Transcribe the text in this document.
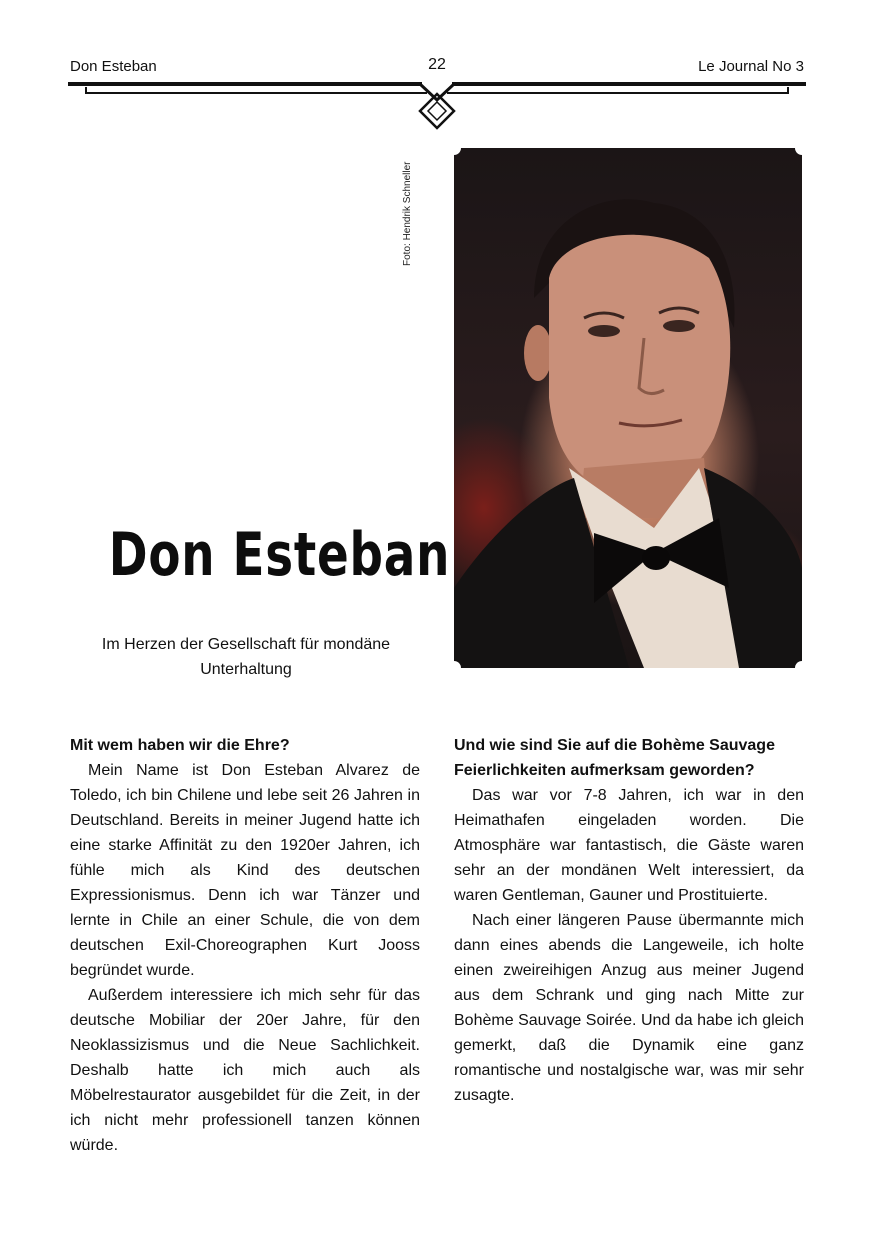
Don Esteban	22	Le Journal No 3
Foto: Hendrik Schneller
Don Esteban
Im Herzen der Gesellschaft für mondäne Unterhaltung

Mit wem haben wir die Ehre?

Mein Name ist Don Esteban Alvarez de Toledo, ich bin Chilene und lebe seit 26 Jahren in Deutschland. Bereits in meiner Jugend hatte ich eine starke Affinität zu den 1920er Jahren, ich fühle mich als Kind des deutschen Expressionismus. Denn ich war Tänzer und lernte in Chile an einer Schule, die von dem deutschen Exil-Choreographen Kurt Jooss begründet wurde.

Außerdem interessiere ich mich sehr für das deutsche Mobiliar der 20er Jahre, für den Neoklassizismus und die Neue Sachlichkeit. Deshalb hatte ich mich auch als Möbelrestaurator ausgebildet für die Zeit, in der ich nicht mehr professionell tanzen können würde.

Und wie sind Sie auf die Bohème Sauvage Feierlichkeiten aufmerksam geworden?

Das war vor 7-8 Jahren, ich war in den Heimathafen eingeladen worden. Die Atmosphäre war fantastisch, die Gäste waren sehr an der mondänen Welt interessiert, da waren Gentleman, Gauner und Prostituierte.

Nach einer längeren Pause übermannte mich dann eines abends die Langeweile, ich holte einen zweireihigen Anzug aus meiner Jugend aus dem Schrank und ging nach Mitte zur Bohème Sauvage Soirée. Und da habe ich gleich gemerkt, daß die Dynamik eine ganz romantische und nostalgische war, was mir sehr zusagte.
